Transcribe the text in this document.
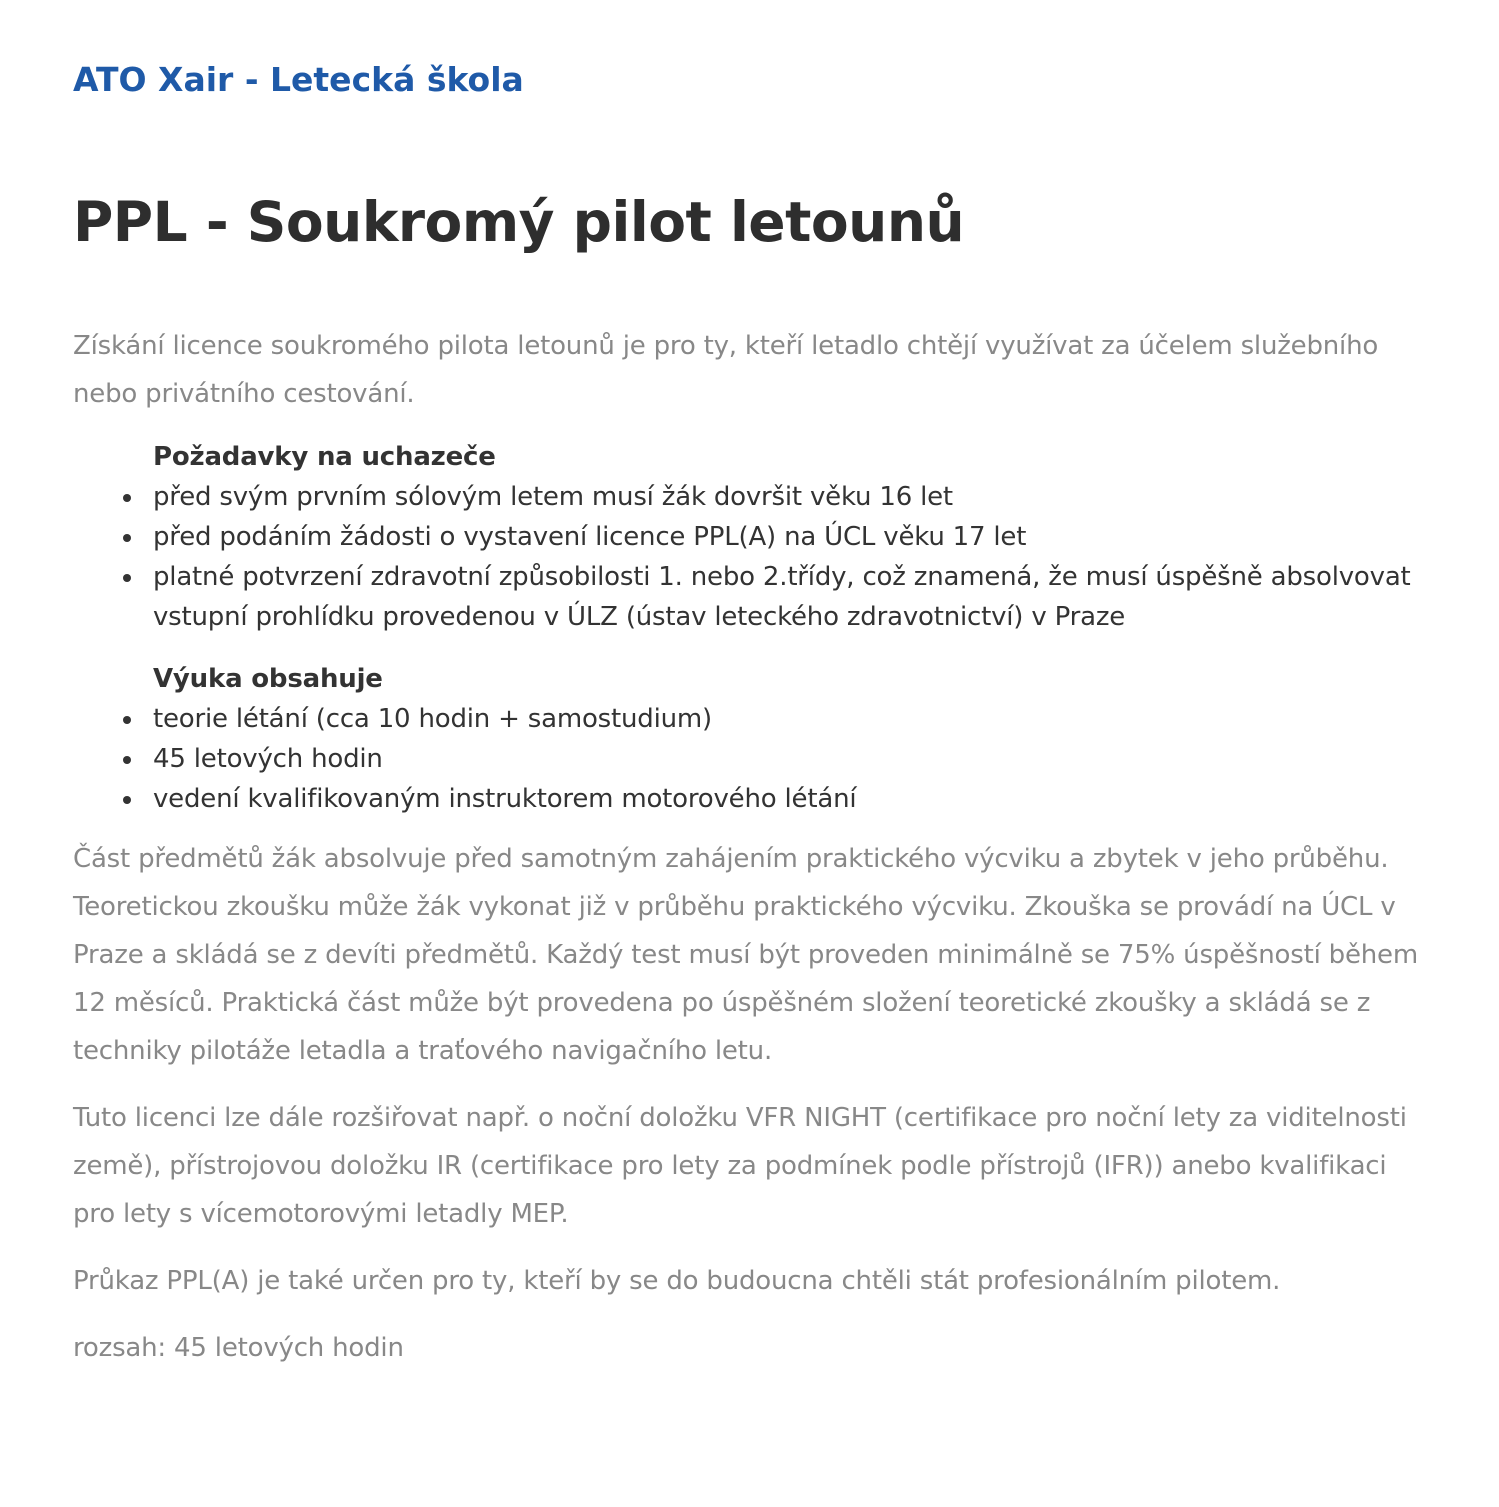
ATO Xair - Letecká škola
PPL - Soukromý pilot letounů

Získání licence soukromého pilota letounů je pro ty, kteří letadlo chtějí využívat za účelem služebního nebo privátního cestování.

Požadavky na uchazeče
před svým prvním sólovým letem musí žák dovršit věku 16 let
před podáním žádosti o vystavení licence PPL(A) na ÚCL věku 17 let
platné potvrzení zdravotní způsobilosti 1. nebo 2.třídy, což znamená, že musí úspěšně absolvovat vstupní prohlídku provedenou v ÚLZ (ústav leteckého zdravotnictví) v Praze
Výuka obsahuje
teorie létání (cca 10 hodin + samostudium)
45 letových hodin
vedení kvalifikovaným instruktorem motorového létání

Část předmětů žák absolvuje před samotným zahájením praktického výcviku a zbytek v jeho průběhu. Teoretickou zkoušku může žák vykonat již v průběhu praktického výcviku. Zkouška se provádí na ÚCL v Praze a skládá se z devíti předmětů. Každý test musí být proveden minimálně se 75% úspěšností během 12 měsíců. Praktická část může být provedena po úspěšném složení teoretické zkoušky a skládá se z techniky pilotáže letadla a traťového navigačního letu.

Tuto licenci lze dále rozšiřovat např. o noční doložku VFR NIGHT (certifikace pro noční lety za viditelnosti země), přístrojovou doložku IR (certifikace pro lety za podmínek podle přístrojů (IFR)) anebo kvalifikaci pro lety s vícemotorovými letadly MEP.

Průkaz PPL(A) je také určen pro ty, kteří by se do budoucna chtěli stát profesionálním pilotem.

rozsah: 45 letových hodin
